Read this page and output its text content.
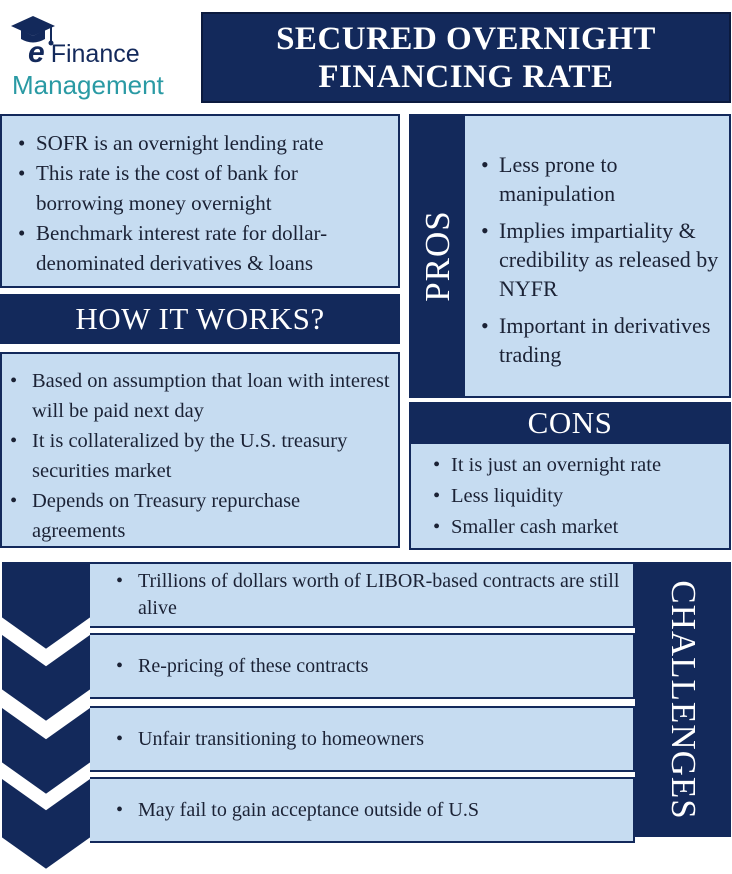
e Finance
Management
SECURED OVERNIGHT
FINANCING RATE
• SOFR is an overnight lending rate
• This rate is the cost of bank for borrowing money overnight
• Benchmark interest rate for dollar-denominated derivatives & loans
HOW IT WORKS?
• Based on assumption that loan with interest will be paid next day
• It is collateralized by the U.S. treasury securities market
• Depends on Treasury repurchase agreements
PROS
• Less prone to manipulation
• Implies impartiality & credibility as released by NYFR
• Important in derivatives trading
CONS
• It is just an overnight rate
• Less liquidity
• Smaller cash market
• Trillions of dollars worth of LIBOR-based contracts are still alive
• Re-pricing of these contracts
• Unfair transitioning to homeowners
• May fail to gain acceptance outside of U.S	CHALLENGES
